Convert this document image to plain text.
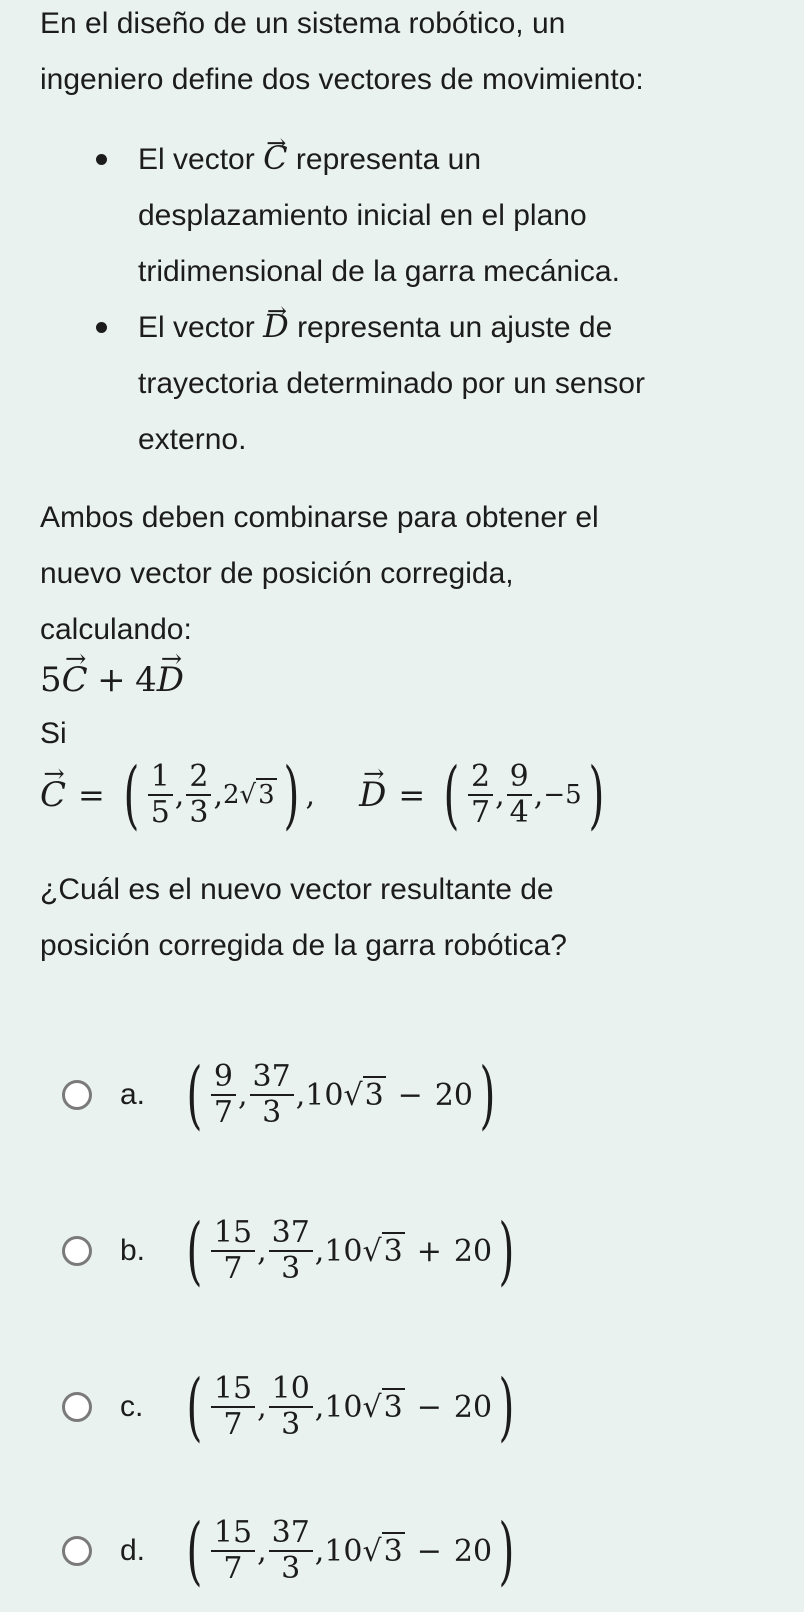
En el diseño de un sistema robótico, un
ingeniero define dos vectores de movimiento:

El vector C → representa un
desplazamiento inicial en el plano
tridimensional de la garra mecánica.
El vector D → representa un ajuste de
trayectoria determinado por un sensor
externo.

Ambos deben combinarse para obtener el
nuevo vector de posición corregida,
calculando:

5C → + 4D →
Si
C → = ( $\frac{1}{5}$ , $\frac{2}{3}$ , 2 √3 ) , D → = ( $\frac{2}{7}$ , $\frac{9}{4}$ , −5 )

¿Cuál es el nuevo vector resultante de
posición corregida de la garra robótica?

a. ( $\frac{9}{7}$ , $\frac{37}{3}$ , 10 √3 − 20 )
b. ( $\frac{15}{7}$ , $\frac{37}{3}$ , 10 √3 + 20 )
c. ( $\frac{15}{7}$ , $\frac{10}{3}$ , 10 √3 − 20 )
d. ( $\frac{15}{7}$ , $\frac{37}{3}$ , 10 √3 − 20 )
